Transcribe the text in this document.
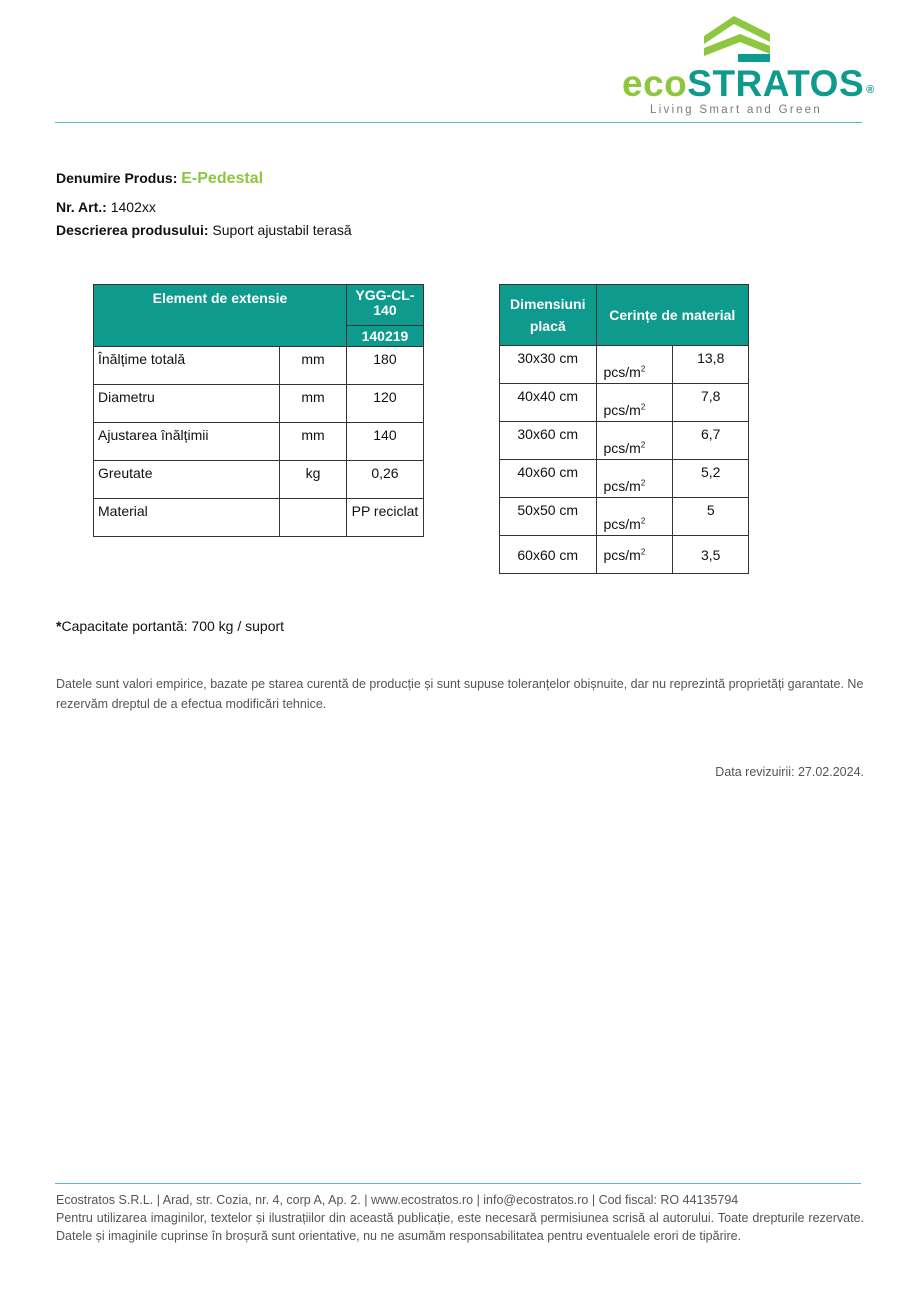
ecoSTRATOS ®
Living Smart and Green
Denumire Produs: E-Pedestal
Nr. Art.: 1402xx
Descrierea produsului: Suport ajustabil terasă
Element de extensie		YGG-CL-140
		140219
Înălțime totală	mm	180
Diametru	mm	120
Ajustarea înălțimii	mm	140
Greutate	kg	0,26
Material		PP reciclat
Dimensiuni placă	Cerințe de material	
30x30 cm	pcs/$m^2$	13,8
40x40 cm	pcs/$m^2$	7,8
30x60 cm	pcs/$m^2$	6,7
40x60 cm	pcs/$m^2$	5,2
50x50 cm	pcs/$m^2$	5
60x60 cm	pcs/$m^2$	3,5
*Capacitate portantă: 700 kg / suport
Datele sunt valori empirice, bazate pe starea curentă de producție și sunt supuse toleranțelor obișnuite, dar nu reprezintă proprietăți garantate. Ne rezervăm dreptul de a efectua modificări tehnice.
Data revizuirii: 27.02.2024.
Ecostratos S.R.L. | Arad, str. Cozia, nr. 4, corp A, Ap. 2. | www.ecostratos.ro | info@ecostratos.ro | Cod fiscal: RO 44135794
Pentru utilizarea imaginilor, textelor și ilustrațiilor din această publicație, este necesară permisiunea scrisă al autorului. Toate drepturile rezervate. Datele și imaginile cuprinse în broșură sunt orientative, nu ne asumăm responsabilitatea pentru eventualele erori de tipărire.
